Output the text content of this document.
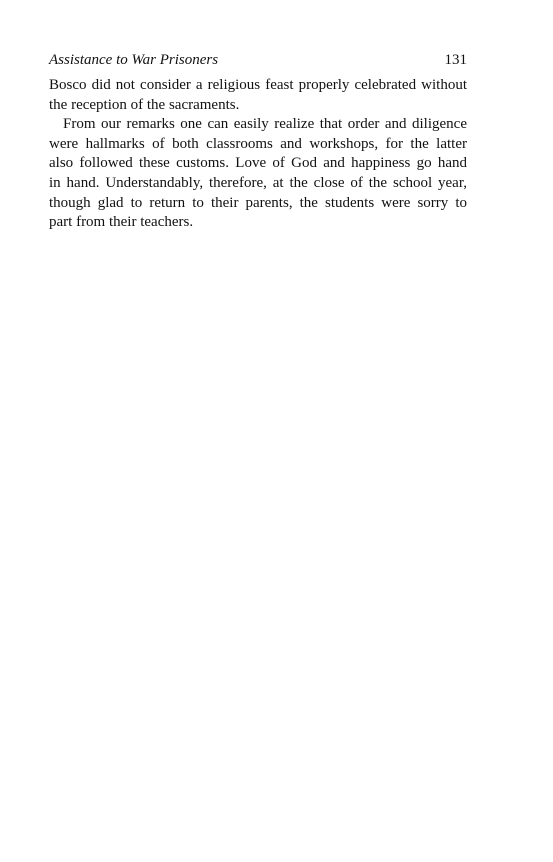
Assistance to War Prisoners	131
Bosco did not consider a religious feast properly celebrated without
the reception of the sacraments.
From our remarks one can easily realize that order and diligence
were hallmarks of both classrooms and workshops, for the latter
also followed these customs. Love of God and happiness go hand
in hand. Understandably, therefore, at the close of the school year,
though glad to return to their parents, the students were sorry to
part from their teachers.
